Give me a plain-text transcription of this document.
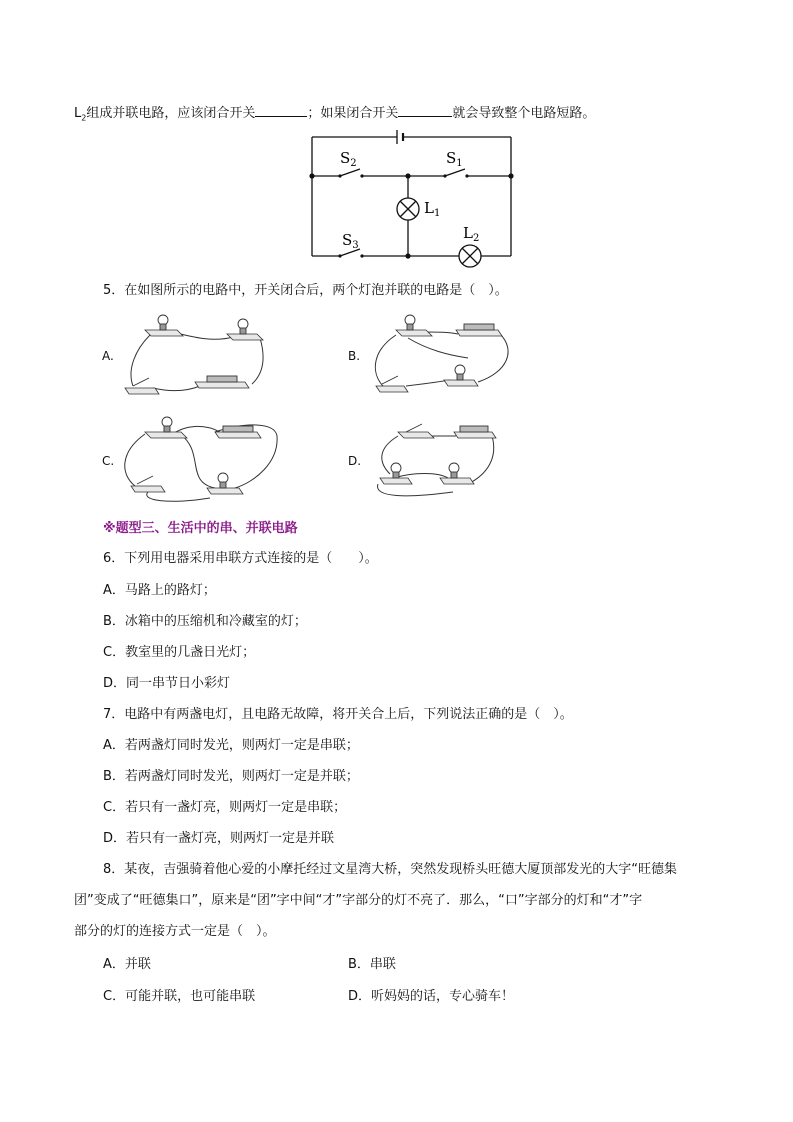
$L_2$组成并联电路，应该闭合开关	；如果闭合开关	就会导致整个电路短路。
$S_2$	$S_1$
$L_1$
$S_3$
$L_2$
5．在如图所示的电路中，开关闭合后，两个灯泡并联的电路是（　）。
A.	B.
C.	D.
※题型三、生活中的串、并联电路
6．下列用电器采用串联方式连接的是（　　）。
A．马路上的路灯；
B．冰箱中的压缩机和冷藏室的灯；
C．教室里的几盏日光灯；
D．同一串节日小彩灯
7．电路中有两盏电灯，且电路无故障，将开关合上后，下列说法正确的是（　）。
A．若两盏灯同时发光，则两灯一定是串联；
B．若两盏灯同时发光，则两灯一定是并联；
C．若只有一盏灯亮，则两灯一定是串联；
D．若只有一盏灯亮，则两灯一定是并联
8．某夜，吉强骑着他心爱的小摩托经过文星湾大桥，突然发现桥头旺德大厦顶部发光的大字“旺德集
团”变成了“旺德集口”，原来是“团”字中间“才”字部分的灯不亮了．那么，“口”字部分的灯和“才”字
部分的灯的连接方式一定是（　）。
A．并联	B．串联
C．可能并联，也可能串联	D．听妈妈的话，专心骑车！
